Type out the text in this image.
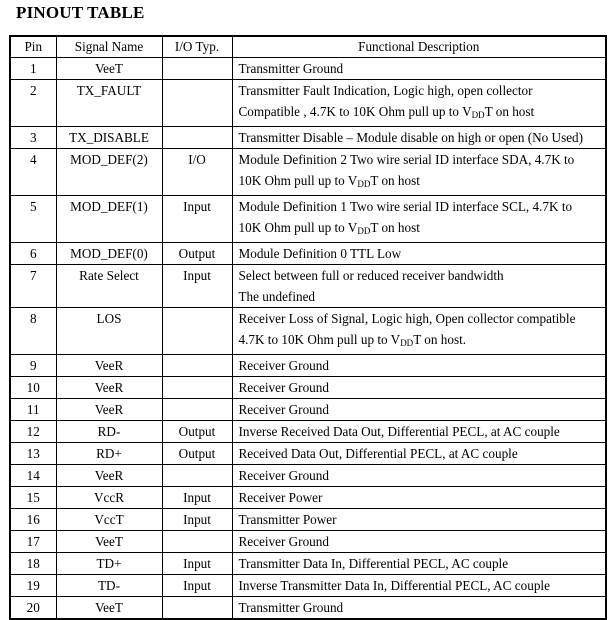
PINOUT TABLE
Pin	Signal Name	I/O Typ.	Functional Description
1	VeeT		Transmitter Ground
2	TX_FAULT		Transmitter Fault Indication, Logic high, open collector
Compatible , 4.7K to 10K Ohm pull up to $V_{DD}T$ on host
3	TX_DISABLE		Transmitter Disable – Module disable on high or open (No Used)
4	MOD_DEF(2)	I/O	Module Definition 2 Two wire serial ID interface SDA, 4.7K to
10K Ohm pull up to $V_{DD}T$ on host
5	MOD_DEF(1)	Input	Module Definition 1 Two wire serial ID interface SCL, 4.7K to
10K Ohm pull up to $V_{DD}T$ on host
6	MOD_DEF(0)	Output	Module Definition 0 TTL Low
7	Rate Select	Input	Select between full or reduced receiver bandwidth
The undefined
8	LOS		Receiver Loss of Signal, Logic high, Open collector compatible
4.7K to 10K Ohm pull up to $V_{DD}T$ on host.
9	VeeR		Receiver Ground
10	VeeR		Receiver Ground
11	VeeR		Receiver Ground
12	RD-	Output	Inverse Received Data Out, Differential PECL, at AC couple
13	RD+	Output	Received Data Out, Differential PECL, at AC couple
14	VeeR		Receiver Ground
15	VccR	Input	Receiver Power
16	VccT	Input	Transmitter Power
17	VeeT		Receiver Ground
18	TD+	Input	Transmitter Data In, Differential PECL, AC couple
19	TD-	Input	Inverse Transmitter Data In, Differential PECL, AC couple
20	VeeT		Transmitter Ground
